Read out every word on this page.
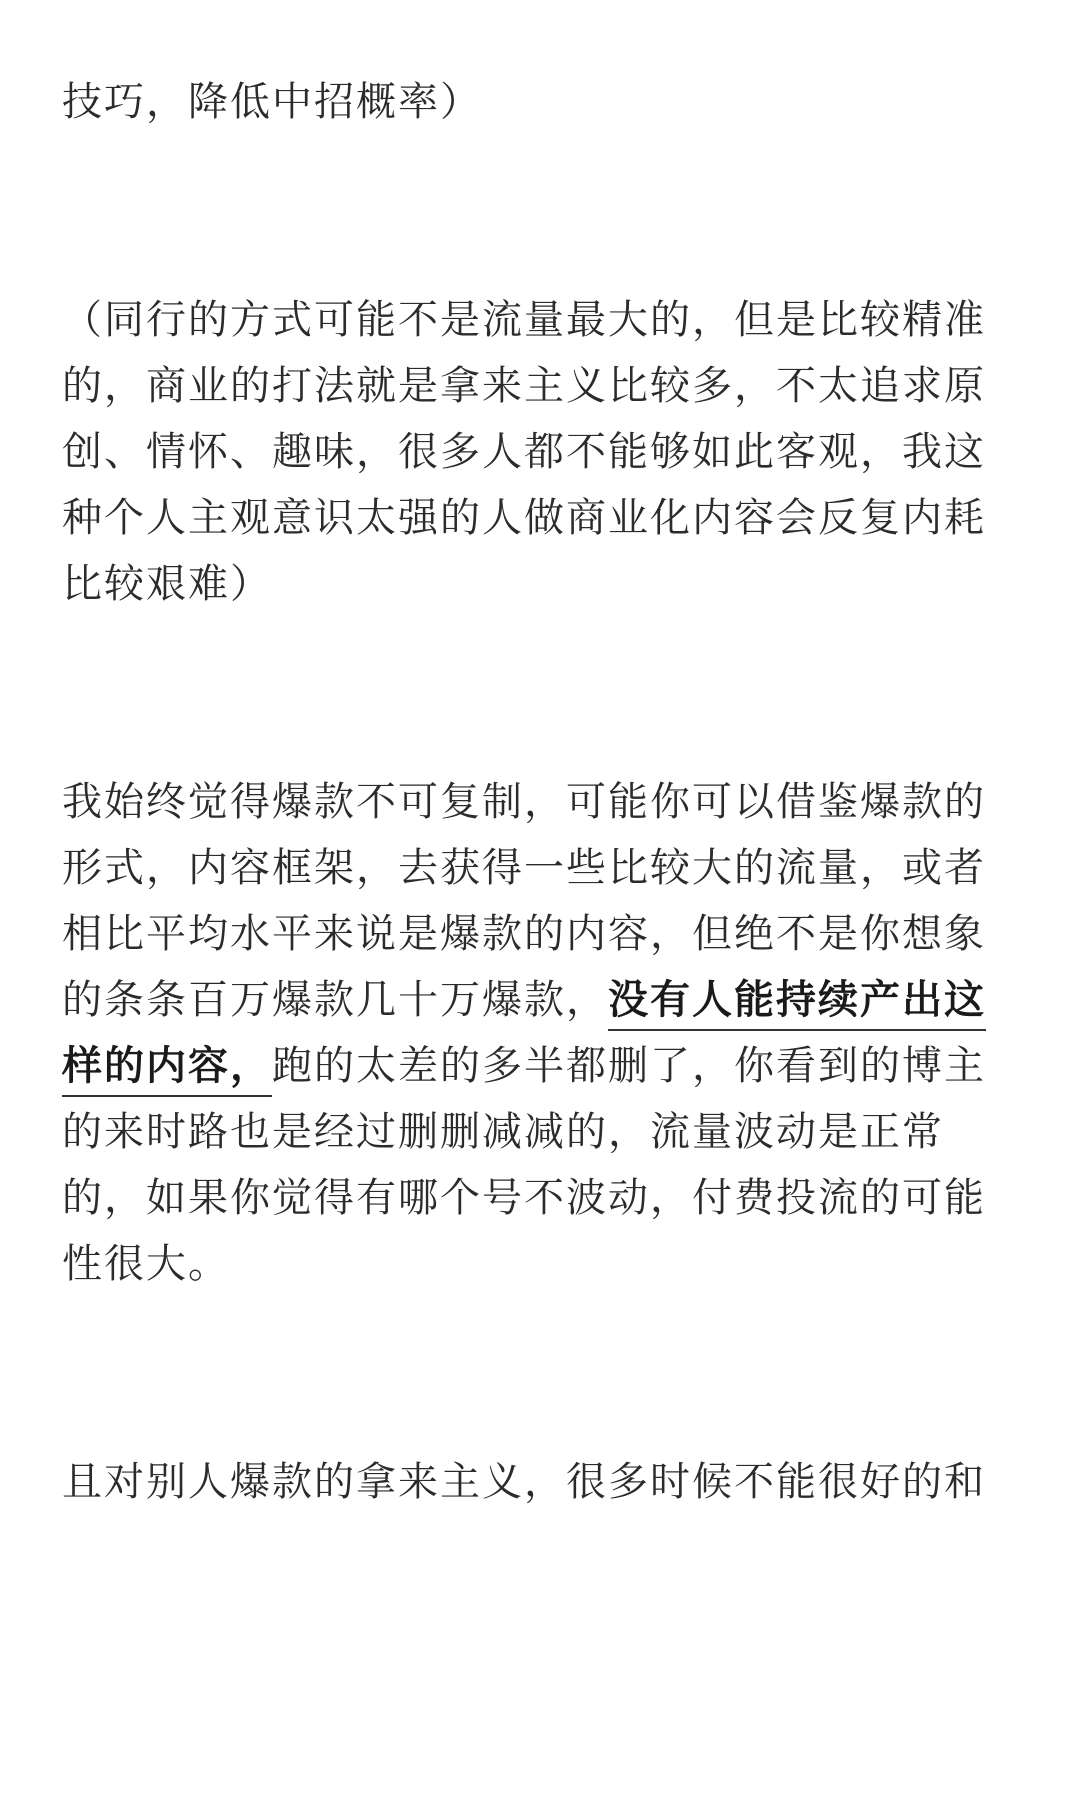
技巧，降低中招概率）
（同行的方式可能不是流量最大的，但是比较精准
的，商业的打法就是拿来主义比较多，不太追求原
创、情怀、趣味，很多人都不能够如此客观，我这
种个人主观意识太强的人做商业化内容会反复内耗
比较艰难）
我始终觉得爆款不可复制，可能你可以借鉴爆款的
形式，内容框架，去获得一些比较大的流量，或者
相比平均水平来说是爆款的内容，但绝不是你想象
的条条百万爆款几十万爆款，没有人能持续产出这
样的内容，跑的太差的多半都删了，你看到的博主
的来时路也是经过删删减减的，流量波动是正常
的，如果你觉得有哪个号不波动，付费投流的可能
性很大。
且对别人爆款的拿来主义，很多时候不能很好的和
